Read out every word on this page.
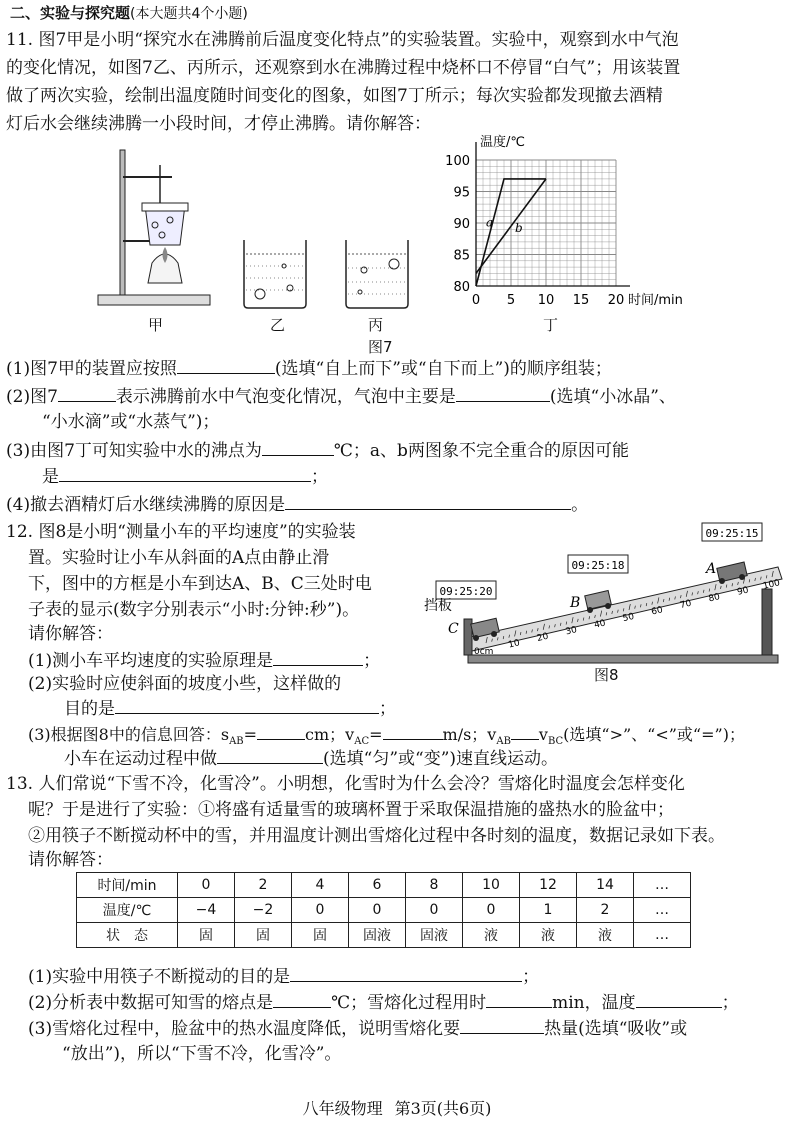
二、实验与探究题(本大题共4个小题)
11. 图7甲是小明“探究水在沸腾前后温度变化特点”的实验装置。实验中，观察到水中气泡
的变化情况，如图7乙、丙所示，还观察到水在沸腾过程中烧杯口不停冒“白气”；用该装置
做了两次实验，绘制出温度随时间变化的图象，如图7丁所示；每次实验都发现撤去酒精
灯后水会继续沸腾一小段时间，才停止沸腾。请你解答：
甲	乙	丙
图7
0 5 10 15 20
80
85
90
95
100
温度/℃
时间/min
a b
丁
(1)图7甲的装置应按照	(选填“自上而下”或“自下而上”)的顺序组装；
(2)图7	表示沸腾前水中气泡变化情况，气泡中主要是	(选填“小冰晶”、
“小水滴”或“水蒸气”)；
(3)由图7丁可知实验中水的沸点为	℃；a、b两图象不完全重合的原因可能
是	；
(4)撤去酒精灯后水继续沸腾的原因是	。
12. 图8是小明“测量小车的平均速度”的实验装
置。实验时让小车从斜面的A点由静止滑
下，图中的方框是小车到达A、B、C三处时电
子表的显示(数字分别表示“小时:分钟:秒”)。
请你解答：
(1)测小车平均速度的实验原理是	；
(2)实验时应使斜面的坡度小些，这样做的
目的是	；
(3)根据图8中的信息回答：$s_{AB}=$	cm；$v_{AC}=$	m/s；$v_{AB}$ $v_{BC}$(选填“>”、“<”或“=”)；
小车在运动过程中做	(选填“匀”或“变”)速直线运动。
10
20
30
40
50
60
70
80
90 100
09:25:15
09:25:18
09:25:20
A
B
C
挡板
0cm
图8
13. 人们常说“下雪不冷，化雪冷”。小明想，化雪时为什么会冷？雪熔化时温度会怎样变化
呢？于是进行了实验：①将盛有适量雪的玻璃杯置于采取保温措施的盛热水的脸盆中；
②用筷子不断搅动杯中的雪，并用温度计测出雪熔化过程中各时刻的温度，数据记录如下表。
请你解答：
时间/min	0	2	4	6	8	10	12	14	…
温度/℃	−4	−2	0	0	0	0	1	2	…
状　态	固	固	固	固液	固液	液	液	液	…
(1)实验中用筷子不断搅动的目的是	；
(2)分析表中数据可知雪的熔点是	℃；雪熔化过程用时	min，温度	；
(3)雪熔化过程中，脸盆中的热水温度降低，说明雪熔化要	热量(选填“吸收”或
“放出”)，所以“下雪不冷，化雪冷”。
八年级物理 第3页(共6页)
